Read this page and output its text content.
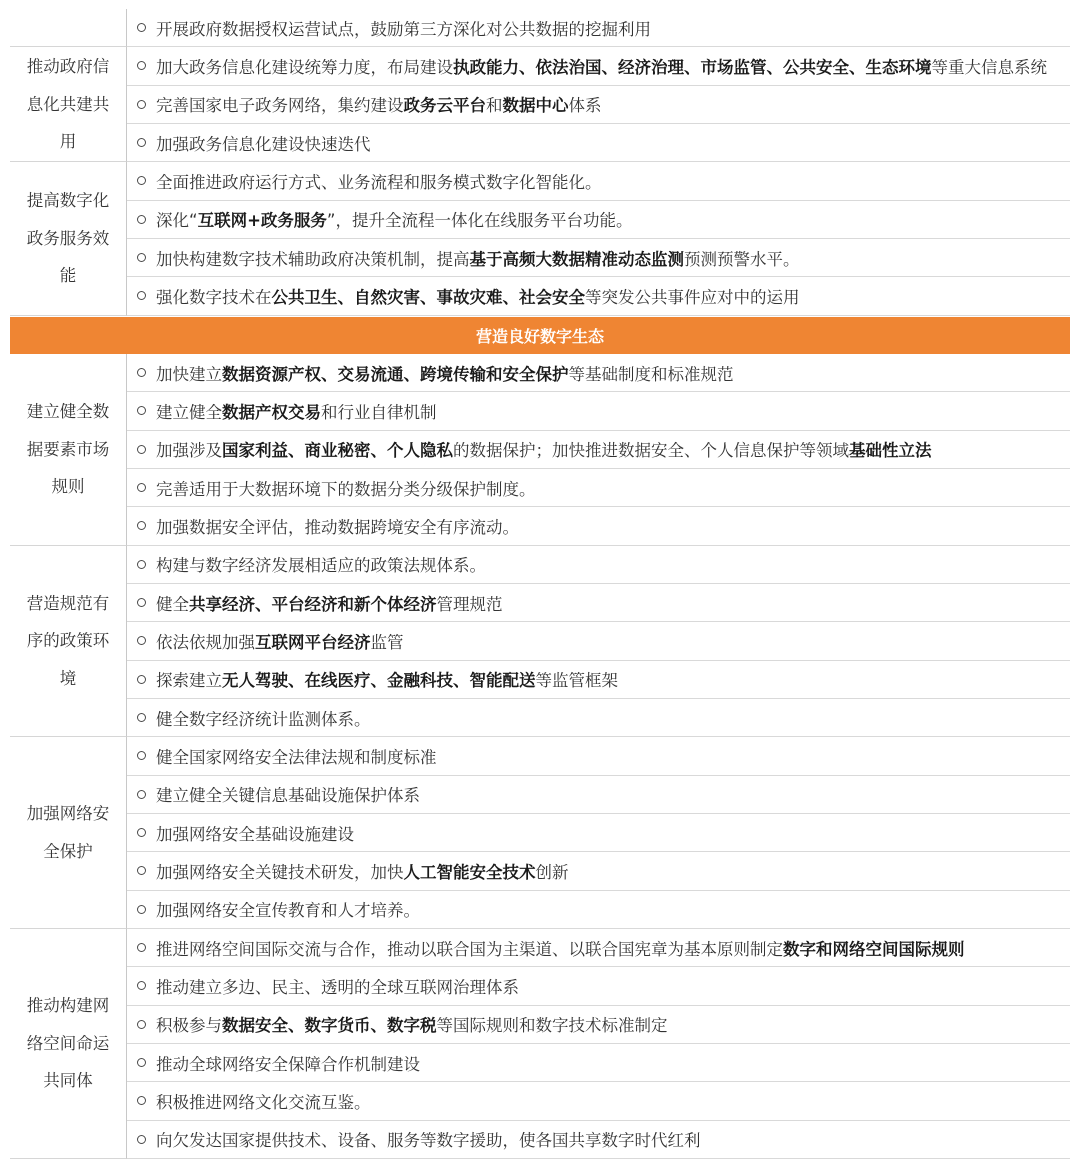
开展政府数据授权运营试点，鼓励第三方深化对公共数据的挖掘利用
推动政府信息化共建共用
加大政务信息化建设统筹力度，布局建设执政能力、依法治国、经济治理、市场监管、公共安全、生态环境等重大信息系统
完善国家电子政务网络，集约建设政务云平台和数据中心体系
加强政务信息化建设快速迭代
提高数字化政务服务效能
全面推进政府运行方式、业务流程和服务模式数字化智能化。
深化“互联网+政务服务”，提升全流程一体化在线服务平台功能。
加快构建数字技术辅助政府决策机制，提高基于高频大数据精准动态监测预测预警水平。
强化数字技术在公共卫生、自然灾害、事故灾难、社会安全等突发公共事件应对中的运用
营造良好数字生态
建立健全数据要素市场规则
加快建立数据资源产权、交易流通、跨境传输和安全保护等基础制度和标准规范
建立健全数据产权交易和行业自律机制
加强涉及国家利益、商业秘密、个人隐私的数据保护；加快推进数据安全、个人信息保护等领域基础性立法
完善适用于大数据环境下的数据分类分级保护制度。
加强数据安全评估，推动数据跨境安全有序流动。
营造规范有序的政策环境
构建与数字经济发展相适应的政策法规体系。
健全共享经济、平台经济和新个体经济管理规范
依法依规加强互联网平台经济监管
探索建立无人驾驶、在线医疗、金融科技、智能配送等监管框架
健全数字经济统计监测体系。
加强网络安全保护
健全国家网络安全法律法规和制度标准
建立健全关键信息基础设施保护体系
加强网络安全基础设施建设
加强网络安全关键技术研发，加快人工智能安全技术创新
加强网络安全宣传教育和人才培养。
推动构建网络空间命运共同体
推进网络空间国际交流与合作，推动以联合国为主渠道、以联合国宪章为基本原则制定数字和网络空间国际规则
推动建立多边、民主、透明的全球互联网治理体系
积极参与数据安全、数字货币、数字税等国际规则和数字技术标准制定
推动全球网络安全保障合作机制建设
积极推进网络文化交流互鉴。
向欠发达国家提供技术、设备、服务等数字援助，使各国共享数字时代红利
